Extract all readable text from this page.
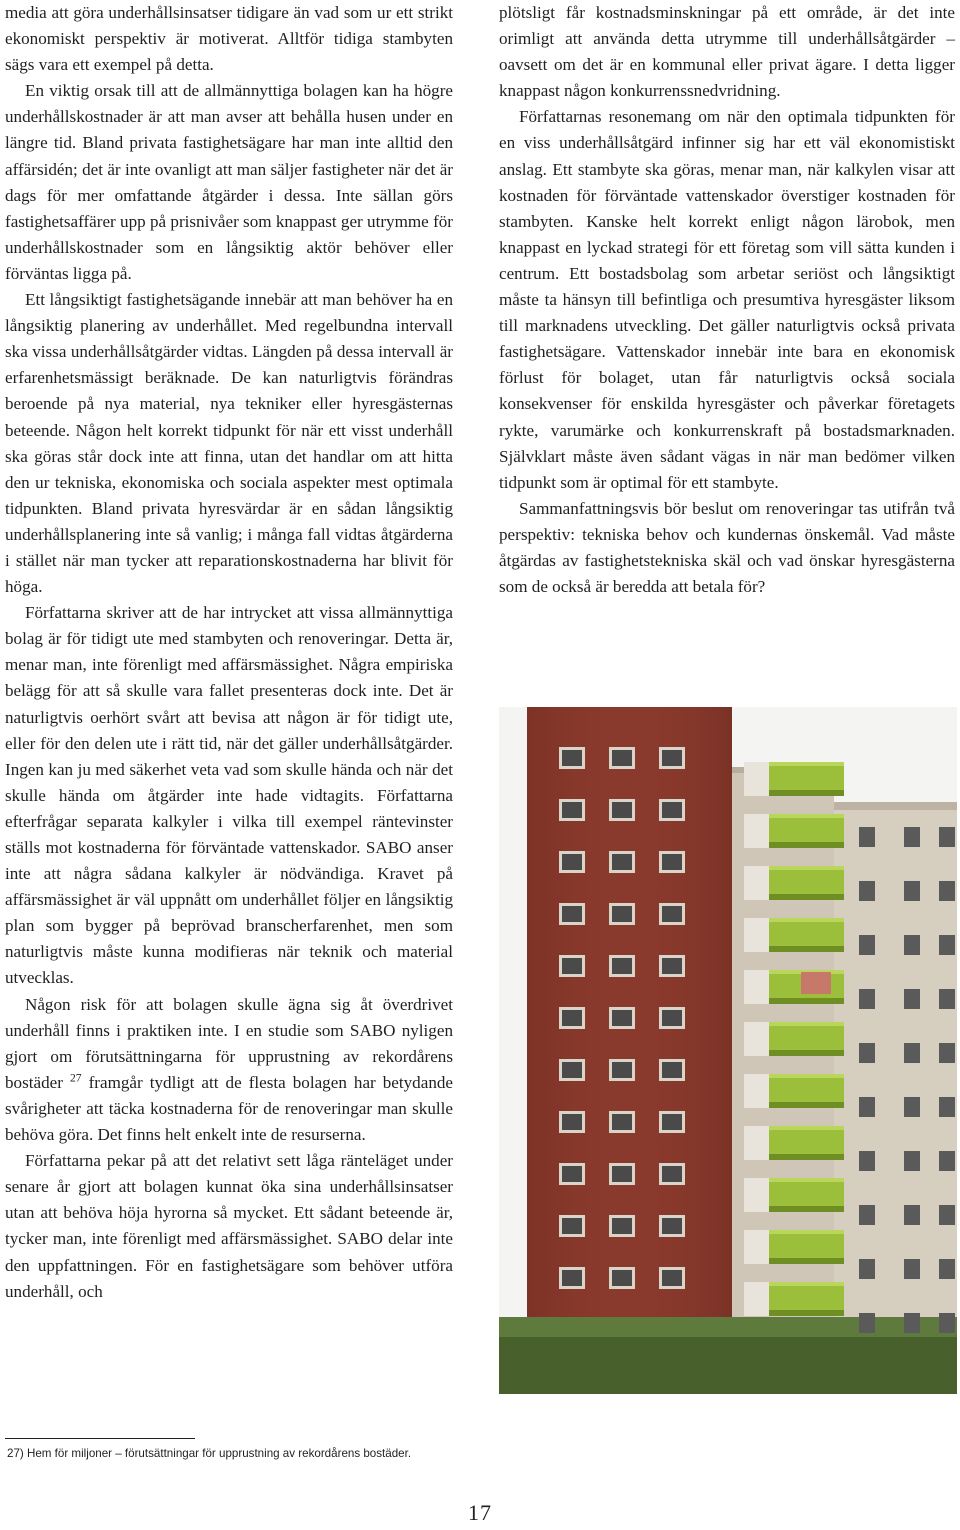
media att göra underhållsinsatser tidigare än vad som ur ett strikt ekonomiskt perspektiv är motiverat. Alltför tidiga stambyten sägs vara ett exempel på detta.

En viktig orsak till att de allmännyttiga bolagen kan ha högre underhållskostnader är att man avser att behålla husen under en längre tid. Bland privata fastighetsägare har man inte alltid den affärsidén; det är inte ovanligt att man säljer fastigheter när det är dags för mer omfattande åtgärder i dessa. Inte sällan görs fastighetsaffärer upp på prisnivåer som knappast ger utrymme för underhållskostnader som en långsiktig aktör behöver eller förväntas ligga på.

Ett långsiktigt fastighetsägande innebär att man behöver ha en långsiktig planering av underhållet. Med regelbundna intervall ska vissa underhållsåtgärder vidtas. Längden på dessa intervall är erfarenhetsmässigt beräknade. De kan naturligtvis förändras beroende på nya material, nya tekniker eller hyresgästernas beteende. Någon helt korrekt tidpunkt för när ett visst underhåll ska göras står dock inte att finna, utan det handlar om att hitta den ur tekniska, ekonomiska och sociala aspekter mest optimala tidpunkten. Bland privata hyresvärdar är en sådan långsiktig underhållsplanering inte så vanlig; i många fall vidtas åtgärderna i stället när man tycker att reparationskostnaderna har blivit för höga.

Författarna skriver att de har intrycket att vissa allmännyttiga bolag är för tidigt ute med stambyten och renoveringar. Detta är, menar man, inte förenligt med affärsmässighet. Några empiriska belägg för att så skulle vara fallet presenteras dock inte. Det är naturligtvis oerhört svårt att bevisa att någon är för tidigt ute, eller för den delen ute i rätt tid, när det gäller underhållsåtgärder. Ingen kan ju med säkerhet veta vad som skulle hända och när det skulle hända om åtgärder inte hade vidtagits. Författarna efterfrågar separata kalkyler i vilka till exempel räntevinster ställs mot kostnaderna för förväntade vattenskador. SABO anser inte att några sådana kalkyler är nödvändiga. Kravet på affärsmässighet är väl uppnått om underhållet följer en långsiktig plan som bygger på beprövad branscherfarenhet, men som naturligtvis måste kunna modifieras när teknik och material utvecklas.

Någon risk för att bolagen skulle ägna sig åt överdrivet underhåll finns i praktiken inte. I en studie som SABO nyligen gjort om förutsättningarna för upprustning av rekordårens bostäder $^{27}$ framgår tydligt att de flesta bolagen har betydande svårigheter att täcka kostnaderna för de renoveringar man skulle behöva göra. Det finns helt enkelt inte de resurserna.

Författarna pekar på att det relativt sett låga ränteläget under senare år gjort att bolagen kunnat öka sina underhållsinsatser utan att behöva höja hyrorna så mycket. Ett sådant beteende är, tycker man, inte förenligt med affärsmässighet. SABO delar inte den uppfattningen. För en fastighetsägare som behöver utföra underhåll, och

plötsligt får kostnadsminskningar på ett område, är det inte orimligt att använda detta utrymme till underhållsåtgärder – oavsett om det är en kommunal eller privat ägare. I detta ligger knappast någon konkurrenssnedvridning.

Författarnas resonemang om när den optimala tidpunkten för en viss underhållsåtgärd infinner sig har ett väl ekonomistiskt anslag. Ett stambyte ska göras, menar man, när kalkylen visar att kostnaden för förväntade vattenskador överstiger kostnaden för stambyten. Kanske helt korrekt enligt någon lärobok, men knappast en lyckad strategi för ett företag som vill sätta kunden i centrum. Ett bostadsbolag som arbetar seriöst och långsiktigt måste ta hänsyn till befintliga och presumtiva hyresgäster liksom till marknadens utveckling. Det gäller naturligtvis också privata fastighetsägare. Vattenskador innebär inte bara en ekonomisk förlust för bolaget, utan får naturligtvis också sociala konsekvenser för enskilda hyresgäster och påverkar företagets rykte, varumärke och konkurrenskraft på bostadsmarknaden. Självklart måste även sådant vägas in när man bedömer vilken tidpunkt som är optimal för ett stambyte.

Sammanfattningsvis bör beslut om renoveringar tas utifrån två perspektiv: tekniska behov och kundernas önskemål. Vad måste åtgärdas av fastighetstekniska skäl och vad önskar hyresgästerna som de också är beredda att betala för?

27) Hem för miljoner – förutsättningar för upprustning av rekordårens bostäder.

17
